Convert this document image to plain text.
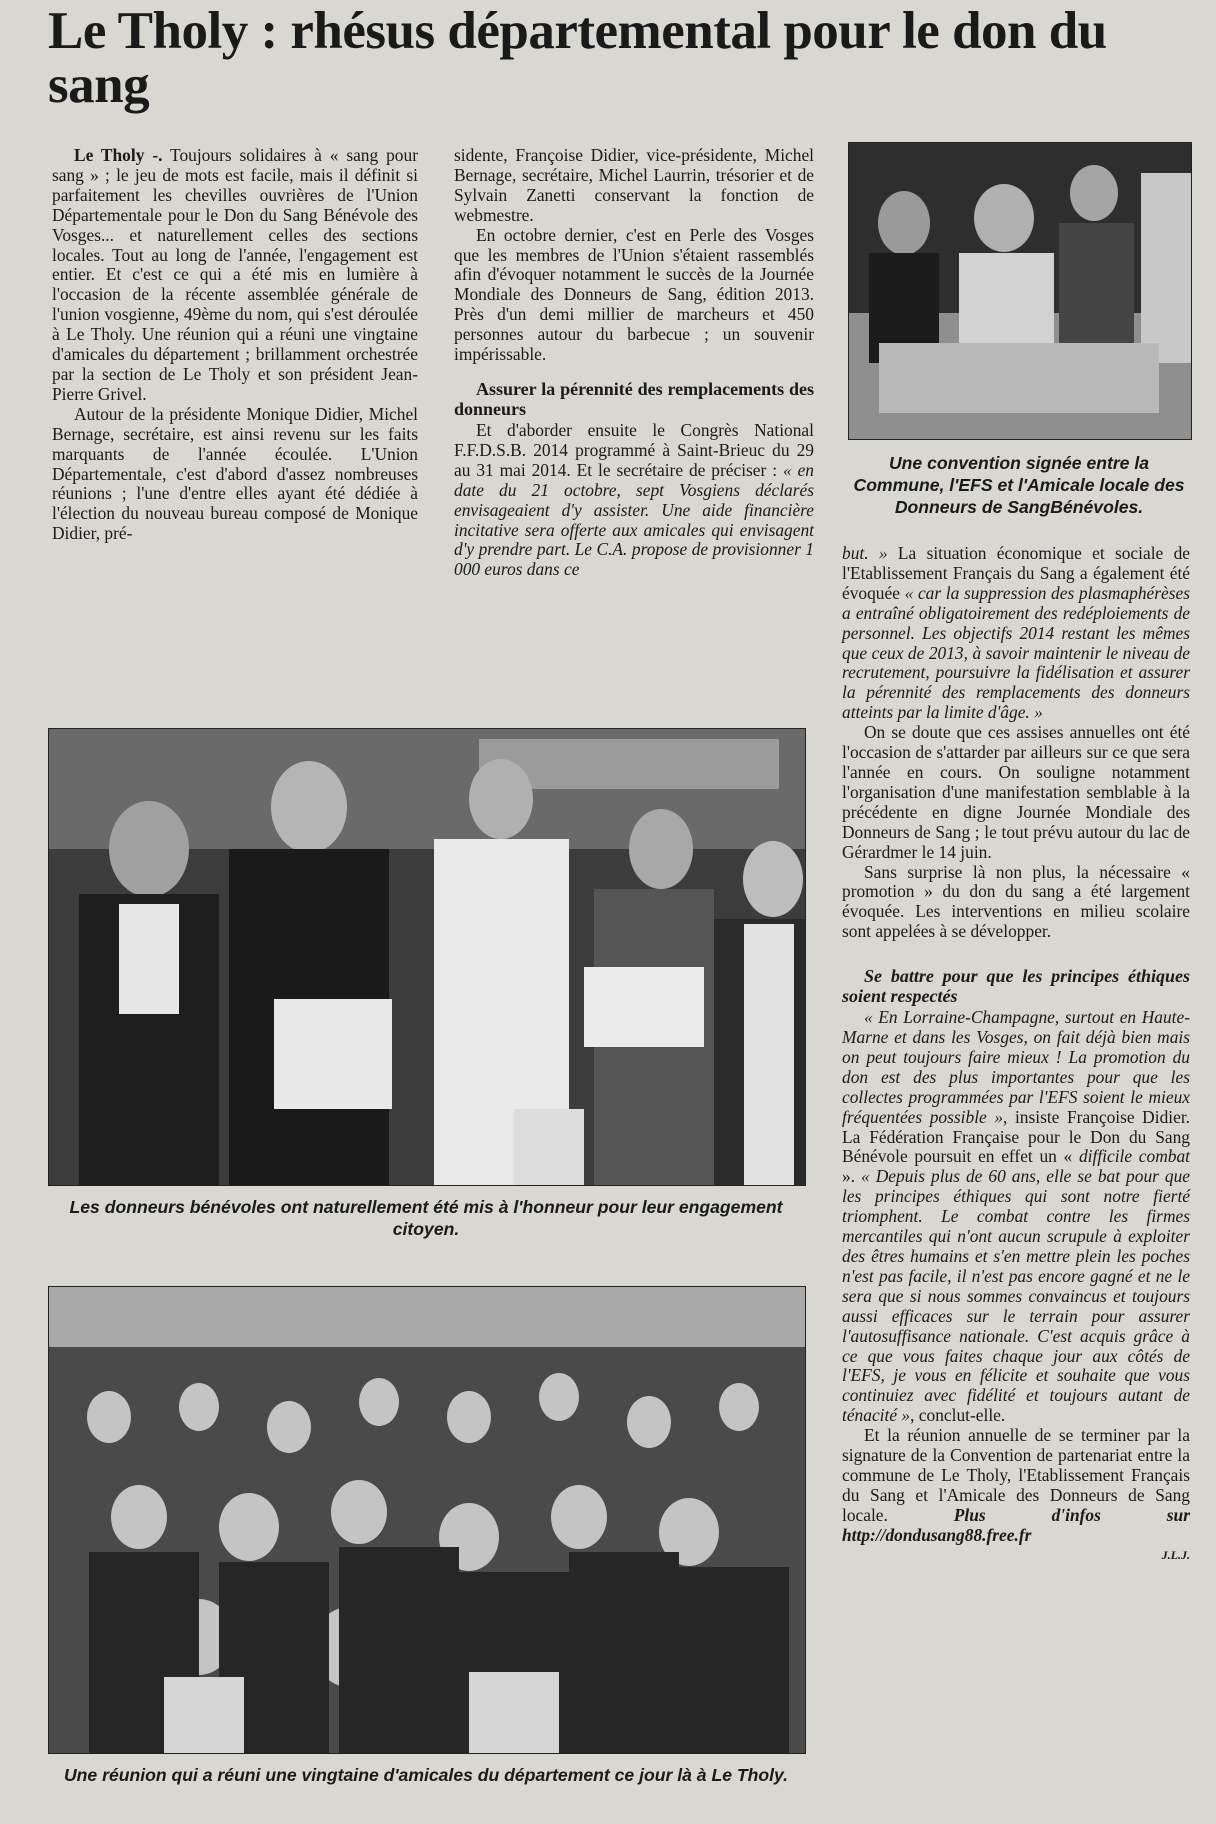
Le Tholy : rhésus départemental pour le don du sang

Le Tholy -. Toujours solidaires à « sang pour sang » ; le jeu de mots est facile, mais il définit si parfaitement les chevilles ouvrières de l'Union Départementale pour le Don du Sang Bénévole des Vosges... et naturellement celles des sections locales. Tout au long de l'année, l'engagement est entier. Et c'est ce qui a été mis en lumière à l'occasion de la récente assemblée générale de l'union vosgienne, 49ème du nom, qui s'est déroulée à Le Tholy. Une réunion qui a réuni une vingtaine d'amicales du département ; brillamment orchestrée par la section de Le Tholy et son président Jean-Pierre Grivel.

Autour de la présidente Monique Didier, Michel Bernage, secrétaire, est ainsi revenu sur les faits marquants de l'année écoulée. L'Union Départementale, c'est d'abord d'assez nombreuses réunions ; l'une d'entre elles ayant été dédiée à l'élection du nouveau bureau composé de Monique Didier, pré-

sidente, Françoise Didier, vice-présidente, Michel Bernage, secrétaire, Michel Laurrin, trésorier et de Sylvain Zanetti conservant la fonction de webmestre.

En octobre dernier, c'est en Perle des Vosges que les membres de l'Union s'étaient rassemblés afin d'évoquer notamment le succès de la Journée Mondiale des Donneurs de Sang, édition 2013. Près d'un demi millier de marcheurs et 450 personnes autour du barbecue ; un souvenir impérissable.

Assurer la pérennité des remplacements des donneurs

Et d'aborder ensuite le Congrès National F.F.D.S.B. 2014 programmé à Saint-Brieuc du 29 au 31 mai 2014. Et le secrétaire de préciser : « en date du 21 octobre, sept Vosgiens déclarés envisageaient d'y assister. Une aide financière incitative sera offerte aux amicales qui envisagent d'y prendre part. Le C.A. propose de provisionner 1 000 euros dans ce

Une convention signée entre la Commune, l'EFS et l'Amicale locale des Donneurs de SangBénévoles.

but. » La situation économique et sociale de l'Etablissement Français du Sang a également été évoquée « car la suppression des plasmaphérèses a entraîné obligatoirement des redéploiements de personnel. Les objectifs 2014 restant les mêmes que ceux de 2013, à savoir maintenir le niveau de recrutement, poursuivre la fidélisation et assurer la pérennité des remplacements des donneurs atteints par la limite d'âge. »

On se doute que ces assises annuelles ont été l'occasion de s'attarder par ailleurs sur ce que sera l'année en cours. On souligne notamment l'organisation d'une manifestation semblable à la précédente en digne Journée Mondiale des Donneurs de Sang ; le tout prévu autour du lac de Gérardmer le 14 juin.

Sans surprise là non plus, la nécessaire « promotion » du don du sang a été largement évoquée. Les interventions en milieu scolaire sont appelées à se développer.

Se battre pour que les principes éthiques soient respectés

« En Lorraine-Champagne, surtout en Haute-Marne et dans les Vosges, on fait déjà bien mais on peut toujours faire mieux ! La promotion du don est des plus importantes pour que les collectes programmées par l'EFS soient le mieux fréquentées possible », insiste Françoise Didier. La Fédération Française pour le Don du Sang Bénévole poursuit en effet un « difficile combat ». « Depuis plus de 60 ans, elle se bat pour que les principes éthiques qui sont notre fierté triomphent. Le combat contre les firmes mercantiles qui n'ont aucun scrupule à exploiter des êtres humains et s'en mettre plein les poches n'est pas facile, il n'est pas encore gagné et ne le sera que si nous sommes convaincus et toujours aussi efficaces sur le terrain pour assurer l'autosuffisance nationale. C'est acquis grâce à ce que vous faites chaque jour aux côtés de l'EFS, je vous en félicite et souhaite que vous continuiez avec fidélité et toujours autant de ténacité », conclut-elle.

Et la réunion annuelle de se terminer par la signature de la Convention de partenariat entre la commune de Le Tholy, l'Etablissement Français du Sang et l'Amicale des Donneurs de Sang locale. Plus d'infos sur http://dondusang88.free.fr

J.L.J.
Les donneurs bénévoles ont naturellement été mis à l'honneur pour leur engagement citoyen.
Une réunion qui a réuni une vingtaine d'amicales du département ce jour là à Le Tholy.
